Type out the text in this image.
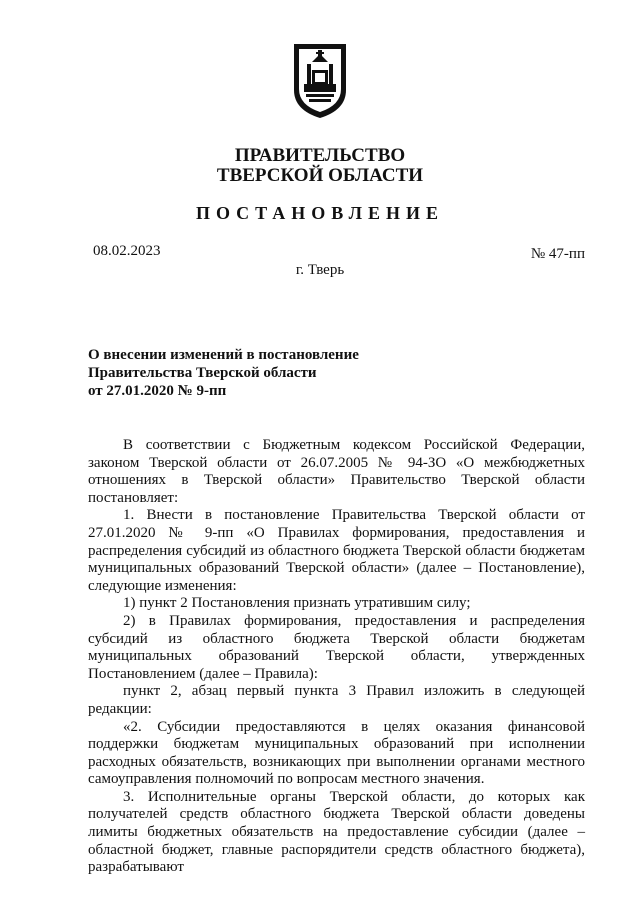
ПРАВИТЕЛЬСТВО
ТВЕРСКОЙ ОБЛАСТИ
ПОСТАНОВЛЕНИЕ
08.02.2023	№ 47-пп
г. Тверь
О внесении изменений в постановление
Правительства Тверской области
от 27.01.2020 № 9-пп

В соответствии с Бюджетным кодексом Российской Федерации, законом Тверской области от 26.07.2005 № 94-ЗО «О межбюджетных отношениях в Тверской области» Правительство Тверской области постановляет:

1. Внести в постановление Правительства Тверской области от 27.01.2020 № 9-пп «О Правилах формирования, предоставления и распределения субсидий из областного бюджета Тверской области бюджетам муниципальных образований Тверской области» (далее – Постановление), следующие изменения:

1) пункт 2 Постановления признать утратившим силу;

2) в Правилах формирования, предоставления и распределения субсидий из областного бюджета Тверской области бюджетам муниципальных образований Тверской области, утвержденных Постановлением (далее – Правила):

пункт 2, абзац первый пункта 3 Правил изложить в следующей редакции:

«2. Субсидии предоставляются в целях оказания финансовой поддержки бюджетам муниципальных образований при исполнении расходных обязательств, возникающих при выполнении органами местного самоуправления полномочий по вопросам местного значения.

3. Исполнительные органы Тверской области, до которых как получателей средств областного бюджета Тверской области доведены лимиты бюджетных обязательств на предоставление субсидии (далее – областной бюджет, главные распорядители средств областного бюджета), разрабатывают
